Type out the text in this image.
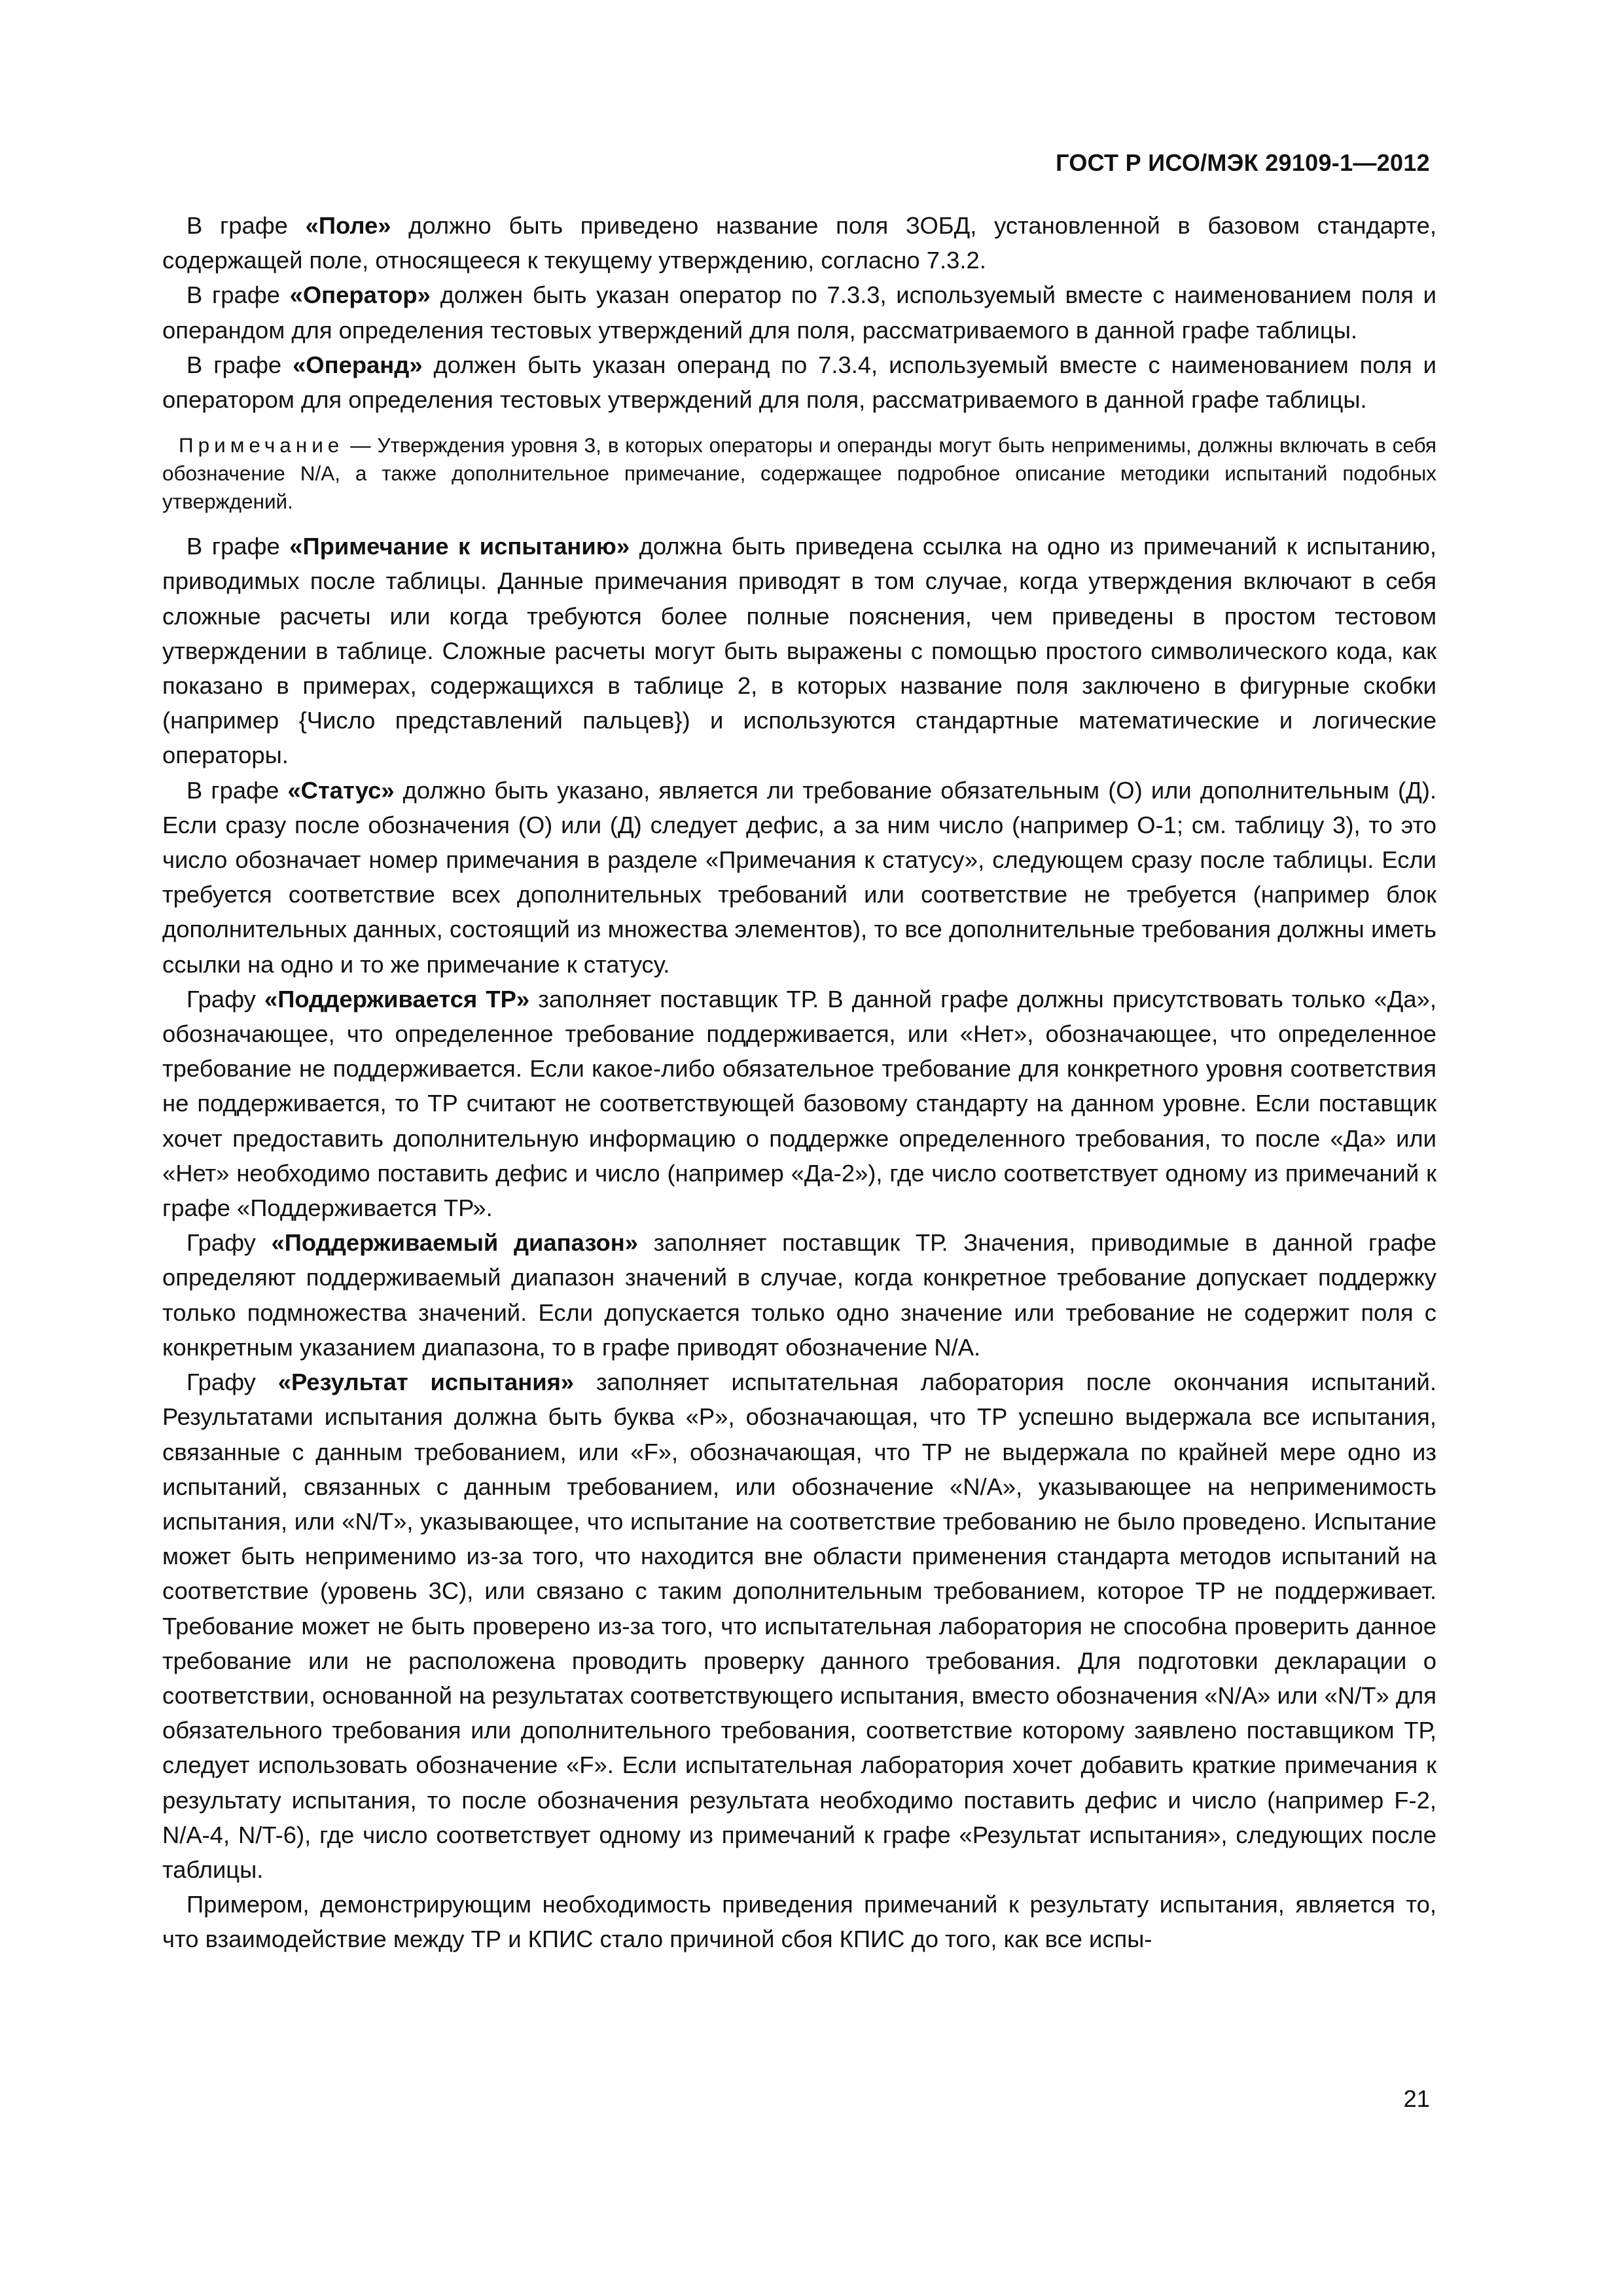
ГОСТ Р ИСО/МЭК 29109-1—2012

В графе «Поле» должно быть приведено название поля ЗОБД, установленной в базовом стандарте, содержащей поле, относящееся к текущему утверждению, согласно 7.3.2.

В графе «Оператор» должен быть указан оператор по 7.3.3, используемый вместе с наименованием поля и операндом для определения тестовых утверждений для поля, рассматриваемого в данной графе таблицы.

В графе «Операнд» должен быть указан операнд по 7.3.4, используемый вместе с наименованием поля и оператором для определения тестовых утверждений для поля, рассматриваемого в данной графе таблицы.

Примечание — Утверждения уровня 3, в которых операторы и операнды могут быть неприменимы, должны включать в себя обозначение N/A, а также дополнительное примечание, содержащее подробное описание методики испытаний подобных утверждений.

В графе «Примечание к испытанию» должна быть приведена ссылка на одно из примечаний к испытанию, приводимых после таблицы. Данные примечания приводят в том случае, когда утверждения включают в себя сложные расчеты или когда требуются более полные пояснения, чем приведены в простом тестовом утверждении в таблице. Сложные расчеты могут быть выражены с помощью простого символического кода, как показано в примерах, содержащихся в таблице 2, в которых название поля заключено в фигурные скобки (например {Число представлений пальцев}) и используются стандартные математические и логические операторы.

В графе «Статус» должно быть указано, является ли требование обязательным (О) или дополнительным (Д). Если сразу после обозначения (О) или (Д) следует дефис, а за ним число (например О-1; см. таблицу 3), то это число обозначает номер примечания в разделе «Примечания к статусу», следующем сразу после таблицы. Если требуется соответствие всех дополнительных требований или соответствие не требуется (например блок дополнительных данных, состоящий из множества элементов), то все дополнительные требования должны иметь ссылки на одно и то же примечание к статусу.

Графу «Поддерживается ТР» заполняет поставщик ТР. В данной графе должны присутствовать только «Да», обозначающее, что определенное требование поддерживается, или «Нет», обозначающее, что определенное требование не поддерживается. Если какое-либо обязательное требование для конкретного уровня соответствия не поддерживается, то ТР считают не соответствующей базовому стандарту на данном уровне. Если поставщик хочет предоставить дополнительную информацию о поддержке определенного требования, то после «Да» или «Нет» необходимо поставить дефис и число (например «Да-2»), где число соответствует одному из примечаний к графе «Поддерживается ТР».

Графу «Поддерживаемый диапазон» заполняет поставщик ТР. Значения, приводимые в данной графе определяют поддерживаемый диапазон значений в случае, когда конкретное требование допускает поддержку только подмножества значений. Если допускается только одно значение или требование не содержит поля с конкретным указанием диапазона, то в графе приводят обозначение N/A.

Графу «Результат испытания» заполняет испытательная лаборатория после окончания испытаний. Результатами испытания должна быть буква «P», обозначающая, что ТР успешно выдержала все испытания, связанные с данным требованием, или «F», обозначающая, что ТР не выдержала по крайней мере одно из испытаний, связанных с данным требованием, или обозначение «N/A», указывающее на неприменимость испытания, или «N/T», указывающее, что испытание на соответствие требованию не было проведено. Испытание может быть неприменимо из-за того, что находится вне области применения стандарта методов испытаний на соответствие (уровень 3C), или связано с таким дополнительным требованием, которое ТР не поддерживает. Требование может не быть проверено из-за того, что испытательная лаборатория не способна проверить данное требование или не расположена проводить проверку данного требования. Для подготовки декларации о соответствии, основанной на результатах соответствующего испытания, вместо обозначения «N/A» или «N/T» для обязательного требования или дополнительного требования, соответствие которому заявлено поставщиком ТР, следует использовать обозначение «F». Если испытательная лаборатория хочет добавить краткие примечания к результату испытания, то после обозначения результата необходимо поставить дефис и число (например F-2, N/A-4, N/T-6), где число соответствует одному из примечаний к графе «Результат испытания», следующих после таблицы.

Примером, демонстрирующим необходимость приведения примечаний к результату испытания, является то, что взаимодействие между ТР и КПИС стало причиной сбоя КПИС до того, как все испы-

21
